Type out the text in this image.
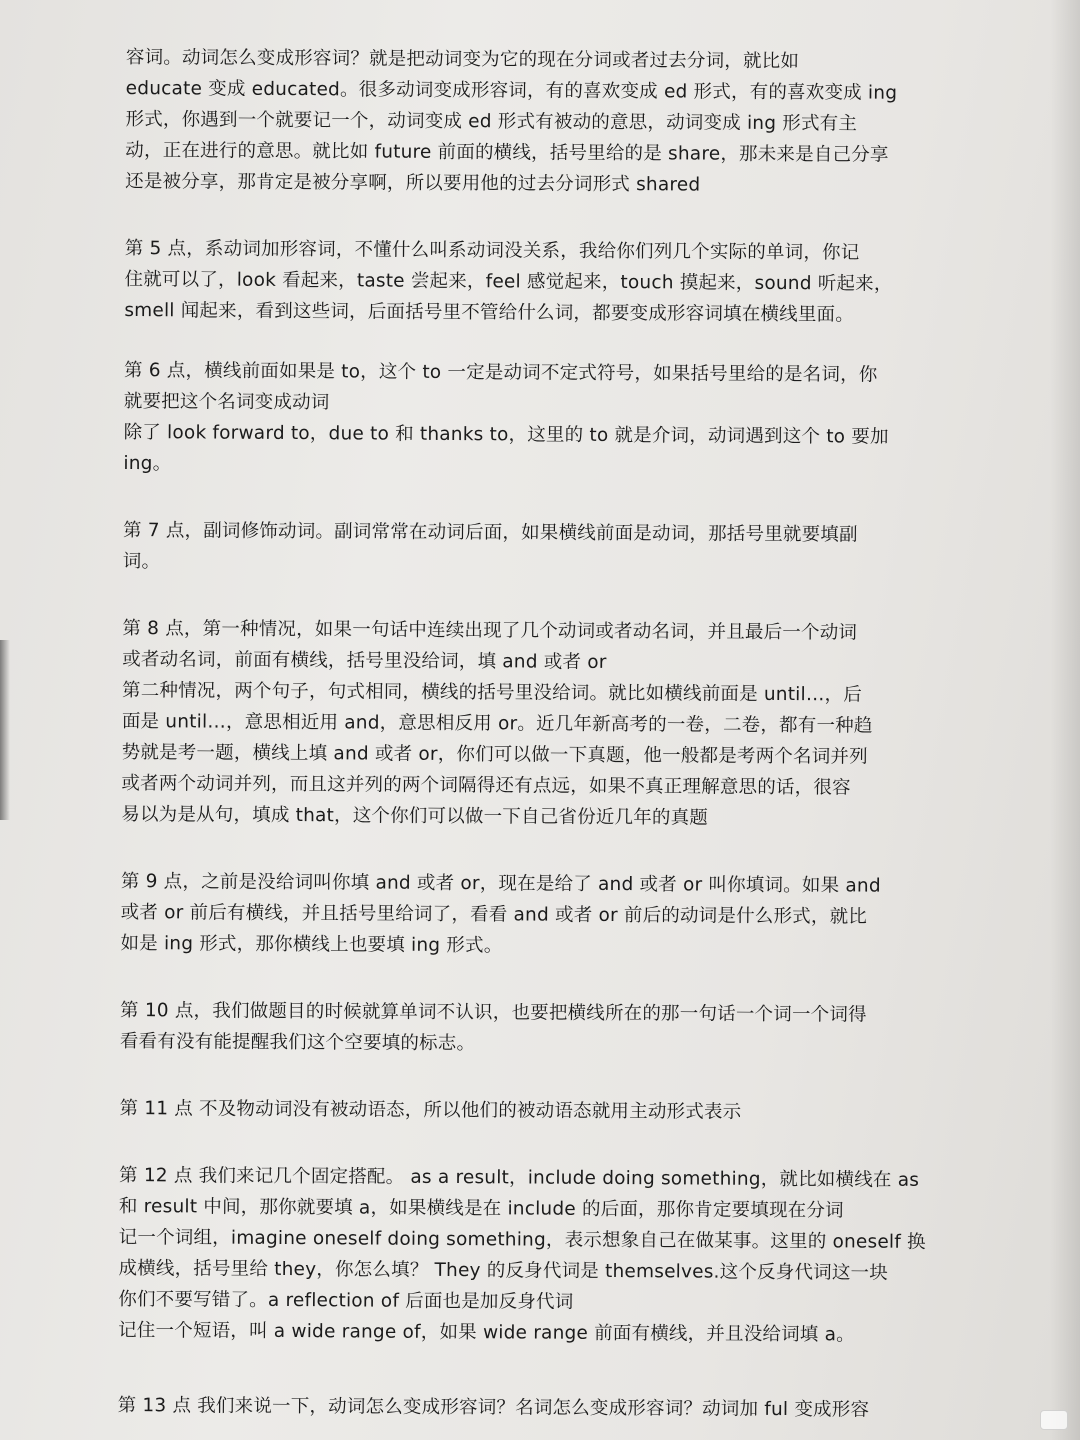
容词。动词怎么变成形容词？就是把动词变为它的现在分词或者过去分词，就比如
educate 变成 educated。很多动词变成形容词，有的喜欢变成 ed 形式，有的喜欢变成 ing
形式，你遇到一个就要记一个，动词变成 ed 形式有被动的意思，动词变成 ing 形式有主
动，正在进行的意思。就比如 future 前面的横线，括号里给的是 share，那未来是自己分享
还是被分享，那肯定是被分享啊，所以要用他的过去分词形式 shared

第 5 点，系动词加形容词，不懂什么叫系动词没关系，我给你们列几个实际的单词，你记
住就可以了，look 看起来，taste 尝起来，feel 感觉起来，touch 摸起来，sound 听起来，
smell 闻起来，看到这些词，后面括号里不管给什么词，都要变成形容词填在横线里面。

第 6 点，横线前面如果是 to，这个 to 一定是动词不定式符号，如果括号里给的是名词，你
就要把这个名词变成动词
除了 look forward to，due to 和 thanks to，这里的 to 就是介词，动词遇到这个 to 要加
ing。

第 7 点，副词修饰动词。副词常常在动词后面，如果横线前面是动词，那括号里就要填副
词。

第 8 点，第一种情况，如果一句话中连续出现了几个动词或者动名词，并且最后一个动词
或者动名词，前面有横线，括号里没给词，填 and 或者 or
第二种情况，两个句子，句式相同，横线的括号里没给词。就比如横线前面是 until…，后
面是 until…，意思相近用 and，意思相反用 or。近几年新高考的一卷，二卷，都有一种趋
势就是考一题，横线上填 and 或者 or，你们可以做一下真题，他一般都是考两个名词并列
或者两个动词并列，而且这并列的两个词隔得还有点远，如果不真正理解意思的话，很容
易以为是从句，填成 that，这个你们可以做一下自己省份近几年的真题

第 9 点，之前是没给词叫你填 and 或者 or，现在是给了 and 或者 or 叫你填词。如果 and
或者 or 前后有横线，并且括号里给词了，看看 and 或者 or 前后的动词是什么形式，就比
如是 ing 形式，那你横线上也要填 ing 形式。

第 10 点，我们做题目的时候就算单词不认识，也要把横线所在的那一句话一个词一个词得
看看有没有能提醒我们这个空要填的标志。

第 11 点 不及物动词没有被动语态，所以他们的被动语态就用主动形式表示

第 12 点 我们来记几个固定搭配。 as a result，include doing something，就比如横线在 as
和 result 中间，那你就要填 a，如果横线是在 include 的后面，那你肯定要填现在分词
记一个词组，imagine oneself doing something，表示想象自己在做某事。这里的 oneself 换
成横线，括号里给 they，你怎么填？ They 的反身代词是 themselves.这个反身代词这一块
你们不要写错了。a reflection of 后面也是加反身代词
记住一个短语，叫 a wide range of，如果 wide range 前面有横线，并且没给词填 a。

第 13 点 我们来说一下，动词怎么变成形容词？名词怎么变成形容词？动词加 ful 变成形容
